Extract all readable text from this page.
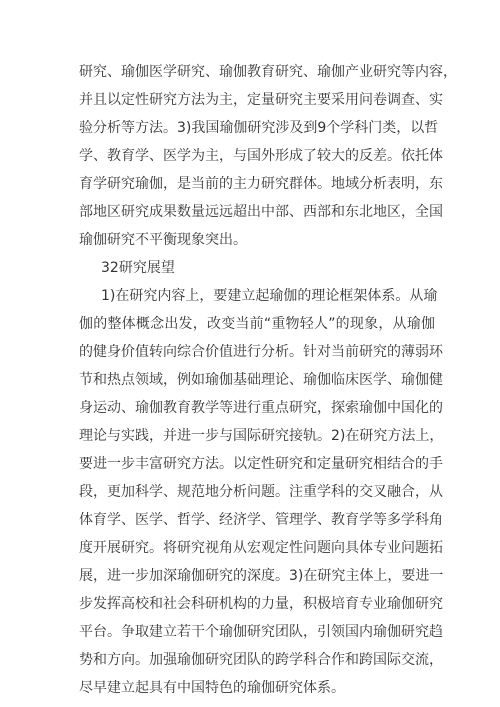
研究、瑜伽医学研究、瑜伽教育研究、瑜伽产业研究等内容，
并且以定性研究方法为主，定量研究主要采用问卷调查、实
验分析等方法。3)我国瑜伽研究涉及到9个学科门类，以哲
学、教育学、医学为主，与国外形成了较大的反差。依托体
育学研究瑜伽，是当前的主力研究群体。地域分析表明，东
部地区研究成果数量远远超出中部、西部和东北地区，全国
瑜伽研究不平衡现象突出。
32研究展望
1)在研究内容上，要建立起瑜伽的理论框架体系。从瑜
伽的整体概念出发，改变当前“重物轻人”的现象，从瑜伽
的健身价值转向综合价值进行分析。针对当前研究的薄弱环
节和热点领域，例如瑜伽基础理论、瑜伽临床医学、瑜伽健
身运动、瑜伽教育教学等进行重点研究，探索瑜伽中国化的
理论与实践，并进一步与国际研究接轨。2)在研究方法上，
要进一步丰富研究方法。以定性研究和定量研究相结合的手
段，更加科学、规范地分析问题。注重学科的交叉融合，从
体育学、医学、哲学、经济学、管理学、教育学等多学科角
度开展研究。将研究视角从宏观定性问题向具体专业问题拓
展，进一步加深瑜伽研究的深度。3)在研究主体上，要进一
步发挥高校和社会科研机构的力量，积极培育专业瑜伽研究
平台。争取建立若干个瑜伽研究团队，引领国内瑜伽研究趋
势和方向。加强瑜伽研究团队的跨学科合作和跨国际交流，
尽早建立起具有中国特色的瑜伽研究体系。
